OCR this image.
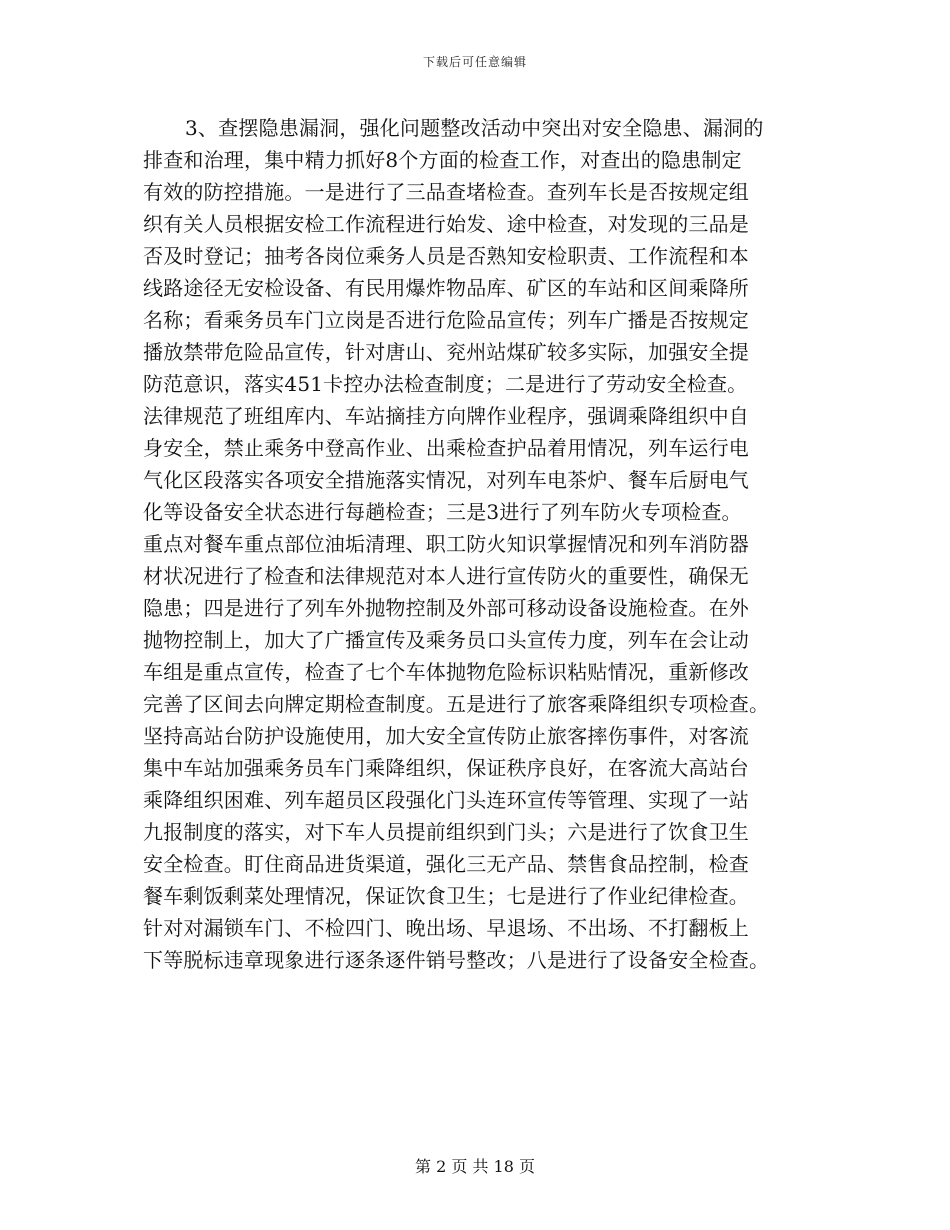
下载后可任意编辑
3、查摆隐患漏洞，强化问题整改活动中突出对安全隐患、漏洞的
排查和治理，集中精力抓好8个方面的检查工作，对查出的隐患制定
有效的防控措施。一是进行了三品查堵检查。查列车长是否按规定组
织有关人员根据安检工作流程进行始发、途中检查，对发现的三品是
否及时登记；抽考各岗位乘务人员是否熟知安检职责、工作流程和本
线路途径无安检设备、有民用爆炸物品库、矿区的车站和区间乘降所
名称；看乘务员车门立岗是否进行危险品宣传；列车广播是否按规定
播放禁带危险品宣传，针对唐山、兖州站煤矿较多实际，加强安全提
防范意识，落实451卡控办法检查制度；二是进行了劳动安全检查。
法律规范了班组库内、车站摘挂方向牌作业程序，强调乘降组织中自
身安全，禁止乘务中登高作业、出乘检查护品着用情况，列车运行电
气化区段落实各项安全措施落实情况，对列车电茶炉、餐车后厨电气
化等设备安全状态进行每趟检查；三是3进行了列车防火专项检查。
重点对餐车重点部位油垢清理、职工防火知识掌握情况和列车消防器
材状况进行了检查和法律规范对本人进行宣传防火的重要性，确保无
隐患；四是进行了列车外抛物控制及外部可移动设备设施检查。在外
抛物控制上，加大了广播宣传及乘务员口头宣传力度，列车在会让动
车组是重点宣传，检查了七个车体抛物危险标识粘贴情况，重新修改
完善了区间去向牌定期检查制度。五是进行了旅客乘降组织专项检查。
坚持高站台防护设施使用，加大安全宣传防止旅客摔伤事件，对客流
集中车站加强乘务员车门乘降组织，保证秩序良好，在客流大高站台
乘降组织困难、列车超员区段强化门头连环宣传等管理、实现了一站
九报制度的落实，对下车人员提前组织到门头；六是进行了饮食卫生
安全检查。盯住商品进货渠道，强化三无产品、禁售食品控制，检查
餐车剩饭剩菜处理情况，保证饮食卫生；七是进行了作业纪律检查。
针对对漏锁车门、不检四门、晚出场、早退场、不出场、不打翻板上
下等脱标违章现象进行逐条逐件销号整改；八是进行了设备安全检查。
第 2 页 共 18 页
